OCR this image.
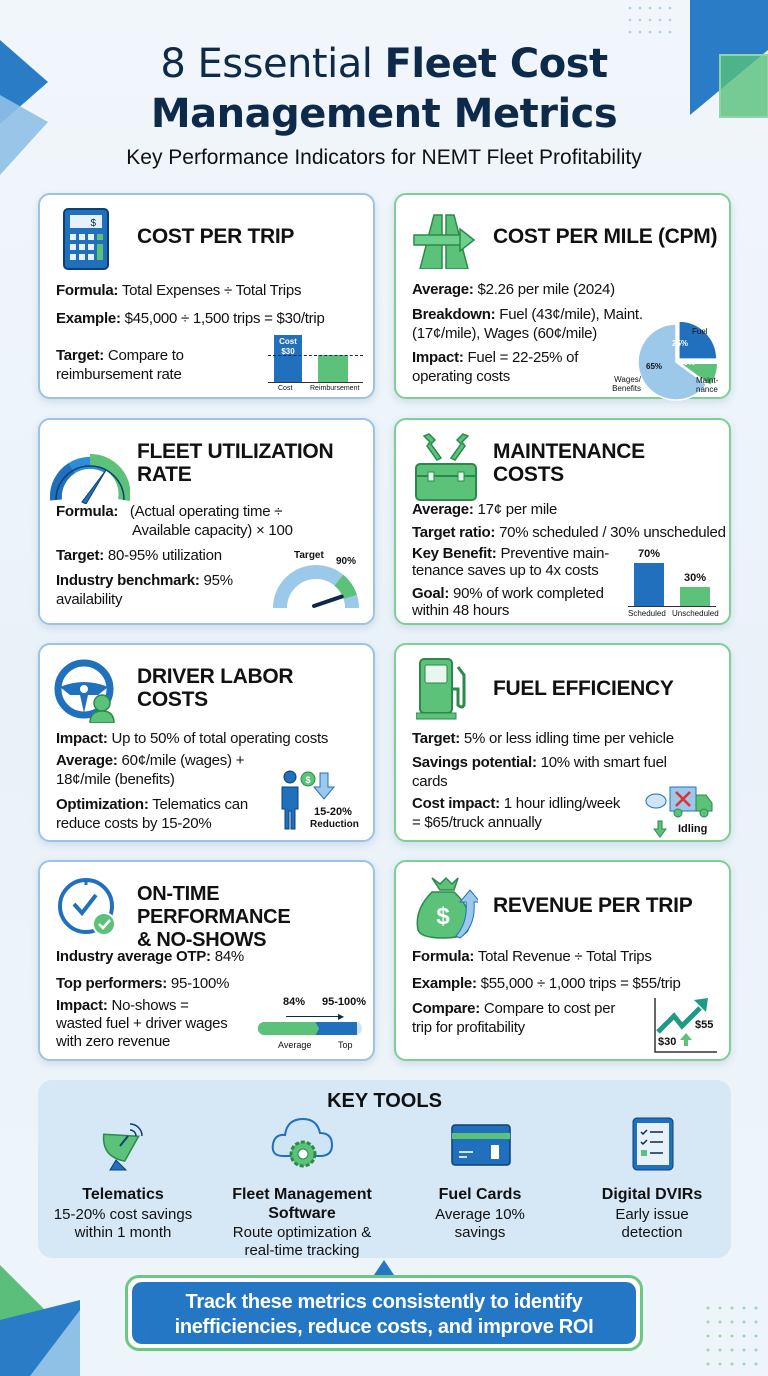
8 Essential Fleet Cost
Management Metrics
Key Performance Indicators for NEMT Fleet Profitability
$
COST PER TRIP
Formula: Total Expenses ÷ Total Trips
Example: $45,000 ÷ 1,500 trips = $30/trip
Target: Compare to
reimbursement rate
Cost $30
Cost	Reimbursement
COST PER MILE (CPM)
Average: $2.26 per mile (2024)
Breakdown: Fuel (43¢/mile), Maint.
(17¢/mile), Wages (60¢/mile)
Impact: Fuel = 22-25% of
operating costs
Fuel
Maint-nance
Wages/ Benefits
25%
10%
65%
FLEET UTILIZATION
RATE
Formula:   (Actual operating time ÷
Available capacity) × 100
Target: 80-95% utilization
Industry benchmark: 95%
availability
Target
90%
MAINTENANCE
COSTS
Average: 17¢ per mile
Target ratio: 70% scheduled / 30% unscheduled
Key Benefit: Preventive main-
tenance saves up to 4x costs
Goal: 90% of work completed
within 48 hours
70%
Scheduled
30%
Unscheduled
DRIVER LABOR
COSTS
Impact: Up to 50% of total operating costs
Average: 60¢/mile (wages) +
18¢/mile (benefits)
Optimization: Telematics can
reduce costs by 15-20%
$
15-20%
Reduction
FUEL EFFICIENCY
Target: 5% or less idling time per vehicle
Savings potential: 10% with smart fuel
cards
Cost impact: 1 hour idling/week
= $65/truck annually	Idling
ON-TIME PERFORMANCE
& NO-SHOWS
Industry average OTP: 84%
Top performers: 95-100%
Impact: No-shows =
wasted fuel + driver wages
with zero revenue
84% 95-100%
▶
Average	Top
$ REVENUE PER TRIP
Formula: Total Revenue ÷ Total Trips
Example: $55,000 ÷ 1,000 trips = $55/trip
Compare: Compare to cost per
trip for profitability
$30
$55
KEY TOOLS
Telematics
15-20% cost savings
within 1 month
Fleet Management
Software
Route optimization &
real-time tracking
Fuel Cards
Average 10%
savings
Digital DVIRs
Early issue
detection
Track these metrics consistently to identify
inefficiencies, reduce costs, and improve ROI
